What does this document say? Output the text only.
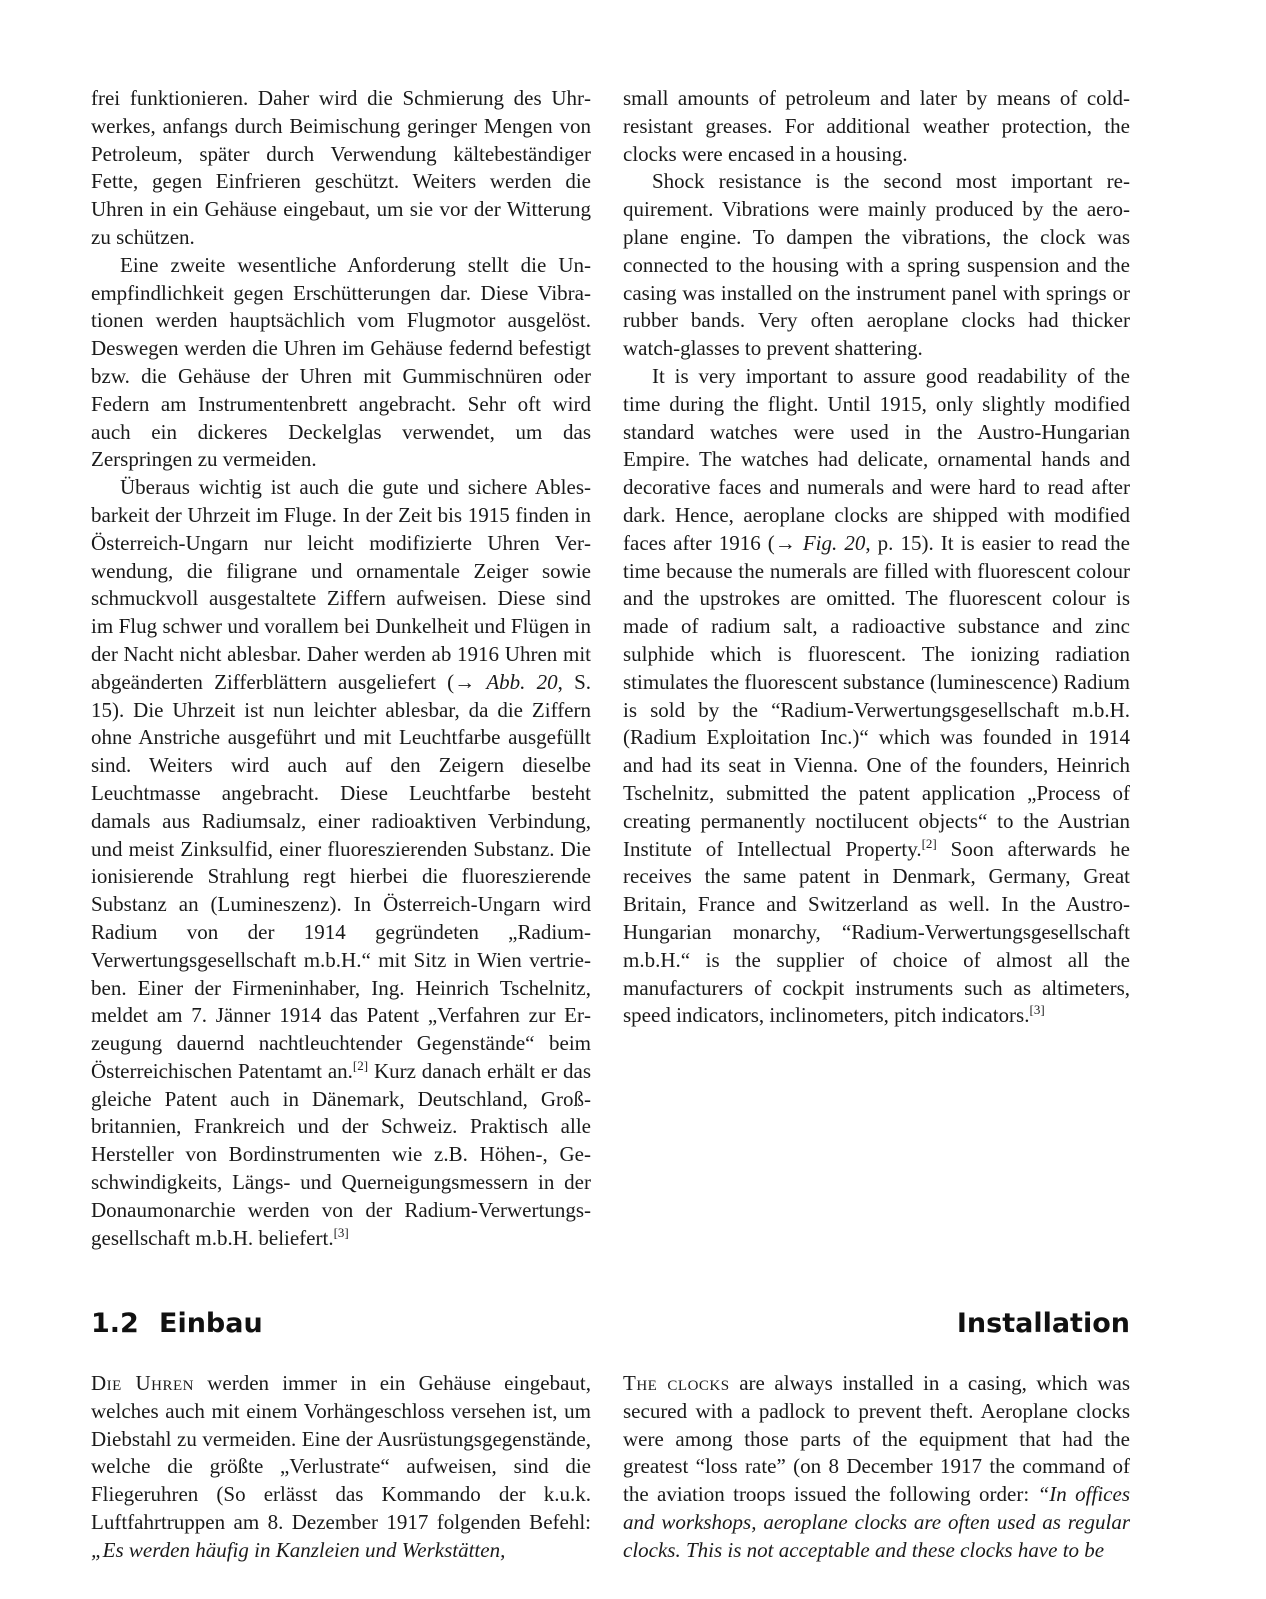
frei funktionieren. Daher wird die Schmierung des Uhrwerkes, anfangs durch Beimischung geringer Mengen von Petroleum, später durch Verwendung kältebeständiger Fette, gegen Einfrieren geschützt. Weiters werden die Uhren in ein Gehäuse eingebaut, um sie vor der Witterung zu schützen.

Eine zweite wesentliche Anforderung stellt die Unempfindlichkeit gegen Erschütterungen dar. Diese Vibrationen werden hauptsächlich vom Flugmotor ausgelöst. Deswegen werden die Uhren im Gehäuse federnd befestigt bzw. die Gehäuse der Uhren mit Gummischnüren oder Federn am Instrumentenbrett angebracht. Sehr oft wird auch ein dickeres Deckelglas verwendet, um das Zerspringen zu vermeiden.

Überaus wichtig ist auch die gute und sichere Ablesbarkeit der Uhrzeit im Fluge. In der Zeit bis 1915 finden in Österreich-Ungarn nur leicht modifizierte Uhren Verwendung, die filigrane und ornamentale Zeiger sowie schmuckvoll ausgestaltete Ziffern aufweisen. Diese sind im Flug schwer und vorallem bei Dunkelheit und Flügen in der Nacht nicht ablesbar. Daher werden ab 1916 Uhren mit abgeänderten Zifferblättern ausgeliefert (→ Abb. 20, S. 15). Die Uhrzeit ist nun leichter ablesbar, da die Ziffern ohne Anstriche ausgeführt und mit Leuchtfarbe ausgefüllt sind. Weiters wird auch auf den Zeigern dieselbe Leuchtmasse angebracht. Diese Leuchtfarbe besteht damals aus Radiumsalz, einer radioaktiven Verbindung, und meist Zinksulfid, einer fluoreszierenden Substanz. Die ionisierende Strahlung regt hierbei die fluoreszierende Substanz an (Lumineszenz). In Österreich-Ungarn wird Radium von der 1914 gegründeten „Radium-Verwertungsgesellschaft m.b.H.“ mit Sitz in Wien vertrieben. Einer der Firmeninhaber, Ing. Heinrich Tschelnitz, meldet am 7. Jänner 1914 das Patent „Verfahren zur Erzeugung dauernd nachtleuchtender Gegenstände“ beim Österreichischen Patentamt an.[2] Kurz danach erhält er das gleiche Patent auch in Dänemark, Deutschland, Großbritannien, Frankreich und der Schweiz. Praktisch alle Hersteller von Bordinstrumenten wie z.B. Höhen-, Geschwindigkeits, Längs- und Querneigungsmessern in der Donaumonarchie werden von der Radium-Verwertungsgesellschaft m.b.H. beliefert.[3]

small amounts of petroleum and later by means of cold-resistant greases. For additional weather protection, the clocks were encased in a housing.

Shock resistance is the second most important requirement. Vibrations were mainly produced by the aeroplane engine. To dampen the vibrations, the clock was connected to the housing with a spring suspension and the casing was installed on the instrument panel with springs or rubber bands. Very often aeroplane clocks had thicker watch-glasses to prevent shattering.

It is very important to assure good readability of the time during the flight. Until 1915, only slightly modified standard watches were used in the Austro-Hungarian Empire. The watches had delicate, ornamental hands and decorative faces and numerals and were hard to read after dark. Hence, aeroplane clocks are shipped with modified faces after 1916 (→ Fig. 20, p. 15). It is easier to read the time because the numerals are filled with fluorescent colour and the upstrokes are omitted. The fluorescent colour is made of radium salt, a radioactive substance and zinc sulphide which is fluorescent. The ionizing radiation stimulates the fluorescent substance (luminescence) Radium is sold by the “Radium-Verwertungsgesellschaft m.b.H. (Radium Exploitation Inc.)“ which was founded in 1914 and had its seat in Vienna. One of the founders, Heinrich Tschelnitz, submitted the patent application „Process of creating permanently noctilucent objects“ to the Austrian Institute of Intellectual Property.[2] Soon afterwards he receives the same patent in Denmark, Germany, Great Britain, France and Switzerland as well. In the Austro-Hungarian monarchy, “Radium-Verwertungsgesellschaft m.b.H.“ is the supplier of choice of almost all the manufacturers of cockpit instruments such as altimeters, speed indicators, inclinometers, pitch indicators.[3]

1.2 Einbau	Installation

Die Uhren werden immer in ein Gehäuse eingebaut, welches auch mit einem Vorhängeschloss versehen ist, um Diebstahl zu vermeiden. Eine der Ausrüstungsgegenstände, welche die größte „Verlustrate“ aufweisen, sind die Fliegeruhren (So erlässt das Kommando der k.u.k. Luftfahrtruppen am 8. Dezember 1917 folgenden Befehl: „Es werden häufig in Kanzleien und Werkstätten,

The clocks are always installed in a casing, which was secured with a padlock to prevent theft. Aeroplane clocks were among those parts of the equipment that had the greatest “loss rate” (on 8 December 1917 the command of the aviation troops issued the following order: “In offices and workshops, aeroplane clocks are often used as regular clocks. This is not acceptable and these clocks have to be
